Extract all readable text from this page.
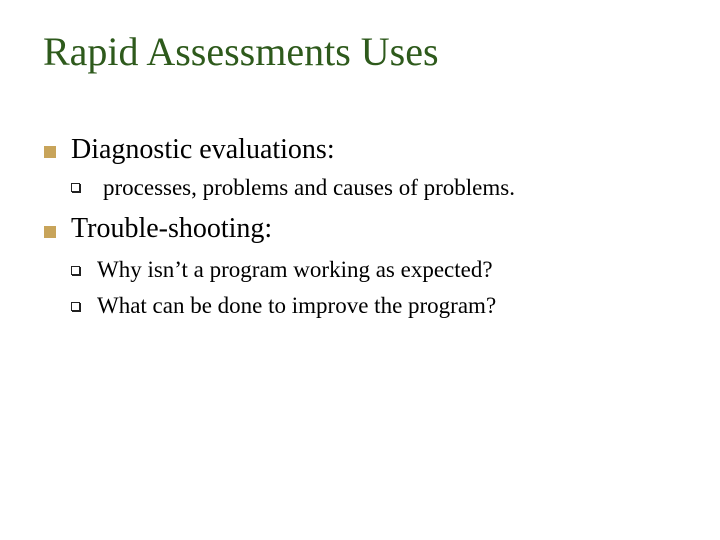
Rapid Assessments Uses
Diagnostic evaluations:
processes, problems and causes of problems.
Trouble-shooting:
Why isn’t a program working as expected?
What can be done to improve the program?
